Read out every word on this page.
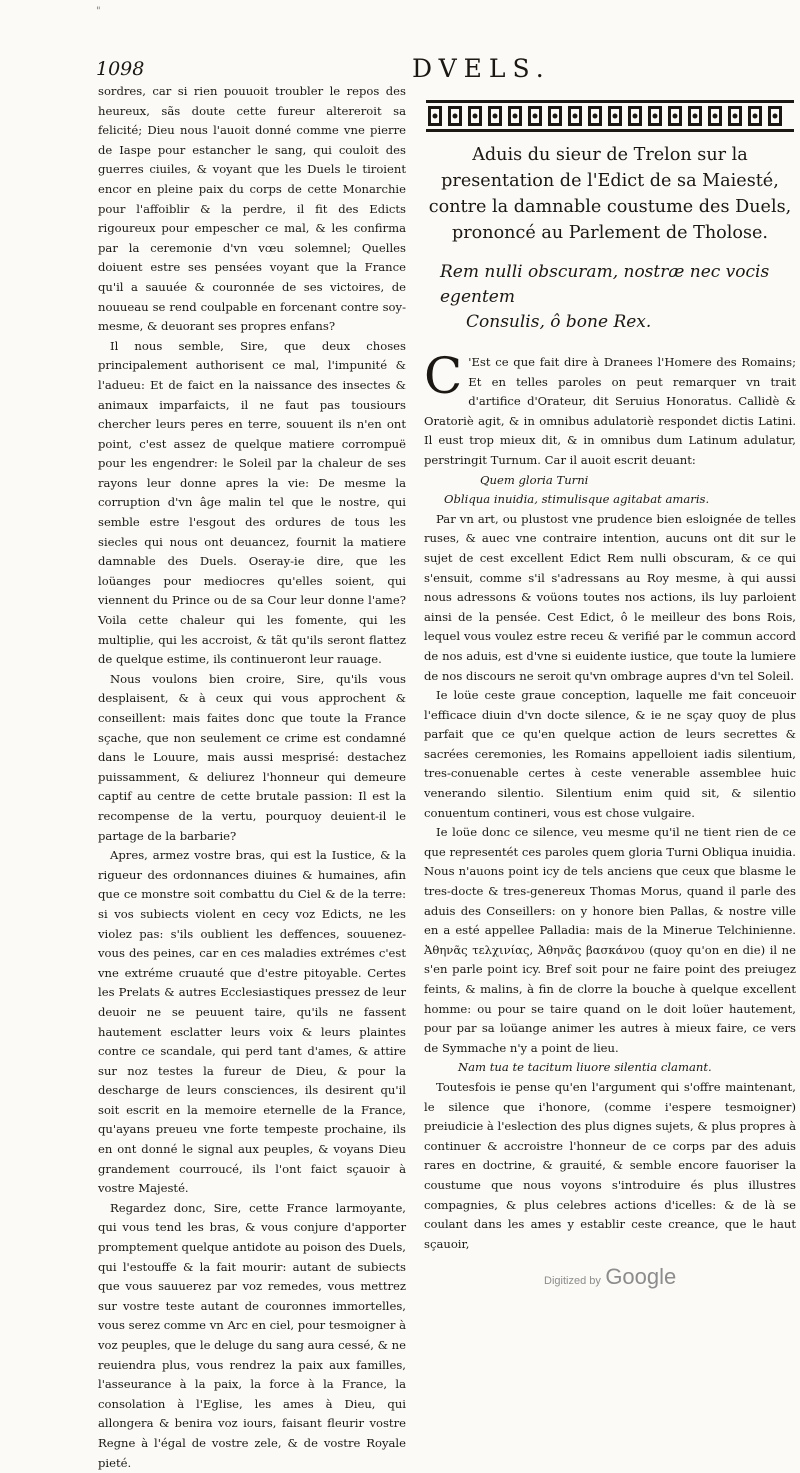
"
1098	DVELS.

sordres, car si rien pouuoit troubler le repos des heureux, sãs doute cette fureur altereroit sa felicité; Dieu nous l'auoit donné comme vne pierre de Iaspe pour estancher le sang, qui couloit des guerres ciuiles, & voyant que les Duels le tiroient encor en pleine paix du corps de cette Monarchie pour l'affoiblir & la perdre, il fit des Edicts rigoureux pour empescher ce mal, & les confirma par la ceremonie d'vn vœu solemnel; Quelles doiuent estre ses pensées voyant que la France qu'il a sauuée & couronnée de ses victoires, de nouueau se rend coulpable en forcenant contre soy-mesme, & deuorant ses propres enfans?

Il nous semble, Sire, que deux choses principalement authorisent ce mal, l'impunité & l'adueu: Et de faict en la naissance des insectes & animaux imparfaicts, il ne faut pas tousiours chercher leurs peres en terre, souuent ils n'en ont point, c'est assez de quelque matiere corrompuë pour les engendrer: le Soleil par la chaleur de ses rayons leur donne apres la vie: De mesme la corruption d'vn âge malin tel que le nostre, qui semble estre l'esgout des ordures de tous les siecles qui nous ont deuancez, fournit la matiere damnable des Duels. Oseray-ie dire, que les loüanges pour mediocres qu'elles soient, qui viennent du Prince ou de sa Cour leur donne l'ame? Voila cette chaleur qui les fomente, qui les multiplie, qui les accroist, & tãt qu'ils seront flattez de quelque estime, ils continueront leur rauage.

Nous voulons bien croire, Sire, qu'ils vous desplaisent, & à ceux qui vous approchent & conseillent: mais faites donc que toute la France sçache, que non seulement ce crime est condamné dans le Louure, mais aussi mesprisé: destachez puissamment, & deliurez l'honneur qui demeure captif au centre de cette brutale passion: Il est la recompense de la vertu, pourquoy deuient-il le partage de la barbarie?

Apres, armez vostre bras, qui est la Iustice, & la rigueur des ordonnances diuines & humaines, afin que ce monstre soit combattu du Ciel & de la terre: si vos subiects violent en cecy voz Edicts, ne les violez pas: s'ils oublient les deffences, souuenez-vous des peines, car en ces maladies extrémes c'est vne extréme cruauté que d'estre pitoyable. Certes les Prelats & autres Ecclesiastiques pressez de leur deuoir ne se peuuent taire, qu'ils ne fassent hautement esclatter leurs voix & leurs plaintes contre ce scandale, qui perd tant d'ames, & attire sur noz testes la fureur de Dieu, & pour la descharge de leurs consciences, ils desirent qu'il soit escrit en la memoire eternelle de la France, qu'ayans preueu vne forte tempeste prochaine, ils en ont donné le signal aux peuples, & voyans Dieu grandement courroucé, ils l'ont faict sçauoir à vostre Majesté.

Regardez donc, Sire, cette France larmoyante, qui vous tend les bras, & vous conjure d'apporter promptement quelque antidote au poison des Duels, qui l'estouffe & la fait mourir: autant de subiects que vous sauuerez par voz remedes, vous mettrez sur vostre teste autant de couronnes immortelles, vous serez comme vn Arc en ciel, pour tesmoigner à voz peuples, que le deluge du sang aura cessé, & ne reuiendra plus, vous rendrez la paix aux familles, l'asseurance à la paix, la force à la France, la consolation à l'Eglise, les ames à Dieu, qui allongera & benira voz iours, faisant fleurir vostre Regne à l'égal de vostre zele, & de vostre Royale pieté.

Aduis du sieur de Trelon sur la presentation de l'Edict de sa Maiesté, contre la damnable coustume des Duels, prononcé au Parlement de Tholose.
Rem nulli obscuram, nostræ nec vocis egentem
Consulis, ô bone Rex.

C 'Est ce que fait dire à Dranees l'Homere des Romains; Et en telles paroles on peut remarquer vn trait d'artifice d'Orateur, dit Seruius Honoratus. Callidè & Oratoriè agit, & in omnibus adulatoriè respondet dictis Latini. Il eust trop mieux dit, & in omnibus dum Latinum adulatur, perstringit Turnum. Car il auoit escrit deuant:

Quem gloria Turni

Obliqua inuidia, stimulisque agitabat amaris.

Par vn art, ou plustost vne prudence bien esloignée de telles ruses, & auec vne contraire intention, aucuns ont dit sur le sujet de cest excellent Edict Rem nulli obscuram, & ce qui s'ensuit, comme s'il s'adressans au Roy mesme, à qui aussi nous adressons & voüons toutes nos actions, ils luy parloient ainsi de la pensée. Cest Edict, ô le meilleur des bons Rois, lequel vous voulez estre receu & verifié par le commun accord de nos aduis, est d'vne si euidente iustice, que toute la lumiere de nos discours ne seroit qu'vn ombrage aupres d'vn tel Soleil.

Ie loüe ceste graue conception, laquelle me fait conceuoir l'efficace diuin d'vn docte silence, & ie ne sçay quoy de plus parfait que ce qu'en quelque action de leurs secrettes & sacrées ceremonies, les Romains appelloient iadis silentium, tres-conuenable certes à ceste venerable assemblee huic venerando silentio. Silentium enim quid sit, & silentio conuentum contineri, vous est chose vulgaire.

Ie loüe donc ce silence, veu mesme qu'il ne tient rien de ce que representét ces paroles quem gloria Turni Obliqua inuidia. Nous n'auons point icy de tels anciens que ceux que blasme le tres-docte & tres-genereux Thomas Morus, quand il parle des aduis des Conseillers: on y honore bien Pallas, & nostre ville en a esté appellee Palladia: mais de la Mineruе Telchinienne. Ἀθηνᾶς τελχινίας, Ἀθηνᾶς βασκάνου (quoy qu'on en die) il ne s'en parle point icy. Bref soit pour ne faire point des preiugez feints, & malins, à fin de clorre la bouche à quelque excellent homme: ou pour se taire quand on le doit loüer hautement, pour par sa loüange animer les autres à mieux faire, ce vers de Symmache n'y a point de lieu.

Nam tua te tacitum liuore silentia clamant.

Toutesfois ie pense qu'en l'argument qui s'offre maintenant, le silence que i'honore, (comme i'espere tesmoigner) preiudicie à l'eslection des plus dignes sujets, & plus propres à continuer & accroistre l'honneur de ce corps par des aduis rares en doctrine, & grauité, & semble encore fauoriser la coustume que nous voyons s'introduire és plus illustres compagnies, & plus celebres actions d'icelles: & de là se coulant dans les ames y establir ceste creance, que le haut sçauoir,

Digitized by Google
